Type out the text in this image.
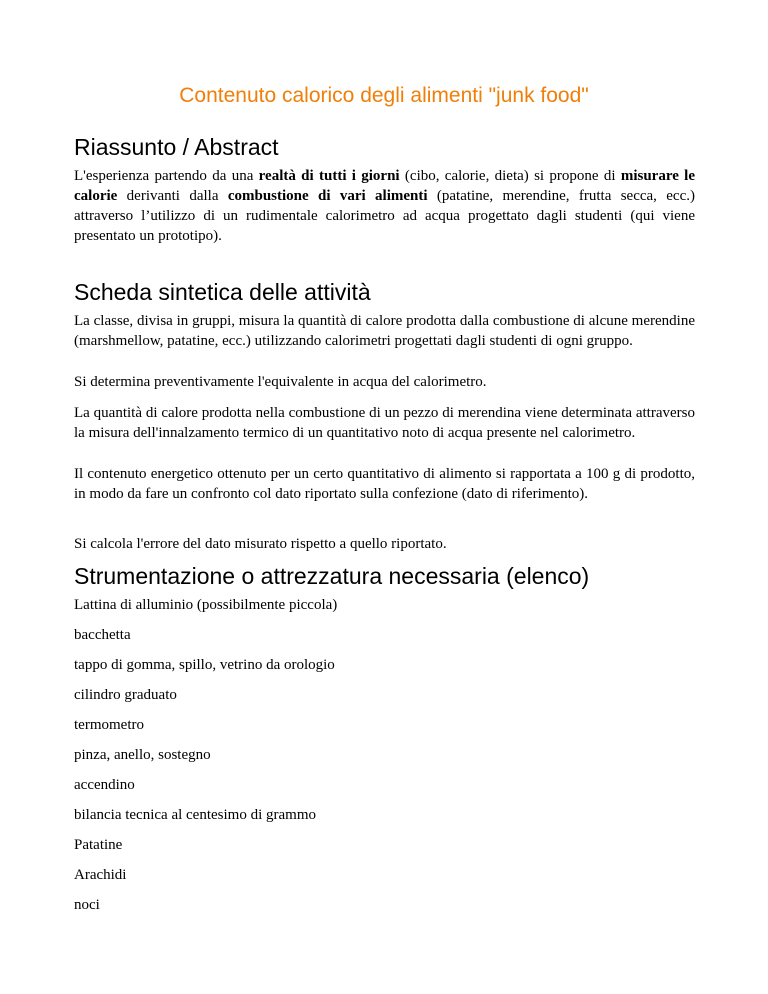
Contenuto calorico degli alimenti "junk food"
Riassunto / Abstract

L'esperienza partendo da una realtà di tutti i giorni (cibo, calorie, dieta) si propone di misurare le calorie derivanti dalla combustione di vari alimenti (patatine, merendine, frutta secca, ecc.) attraverso l’utilizzo di un rudimentale calorimetro ad acqua progettato dagli studenti (qui viene presentato un prototipo).

Scheda sintetica delle attività

La classe, divisa in gruppi, misura la quantità di calore prodotta dalla combustione di alcune merendine (marshmellow, patatine, ecc.) utilizzando calorimetri progettati dagli studenti di ogni gruppo.

Si determina preventivamente l'equivalente in acqua del calorimetro.

La quantità di calore prodotta nella combustione di un pezzo di merendina viene determinata attraverso la misura dell'innalzamento termico di un quantitativo noto di acqua presente nel calorimetro.

Il contenuto energetico ottenuto per un certo quantitativo di alimento si rapportata a 100 g di prodotto, in modo da fare un confronto col dato riportato sulla confezione (dato di riferimento).

Si calcola l'errore del dato misurato rispetto a quello riportato.

Strumentazione o attrezzatura necessaria (elenco)

Lattina di alluminio (possibilmente piccola)

bacchetta

tappo di gomma, spillo, vetrino da orologio

cilindro graduato

termometro

pinza, anello, sostegno

accendino

bilancia tecnica al centesimo di grammo

Patatine

Arachidi

noci
